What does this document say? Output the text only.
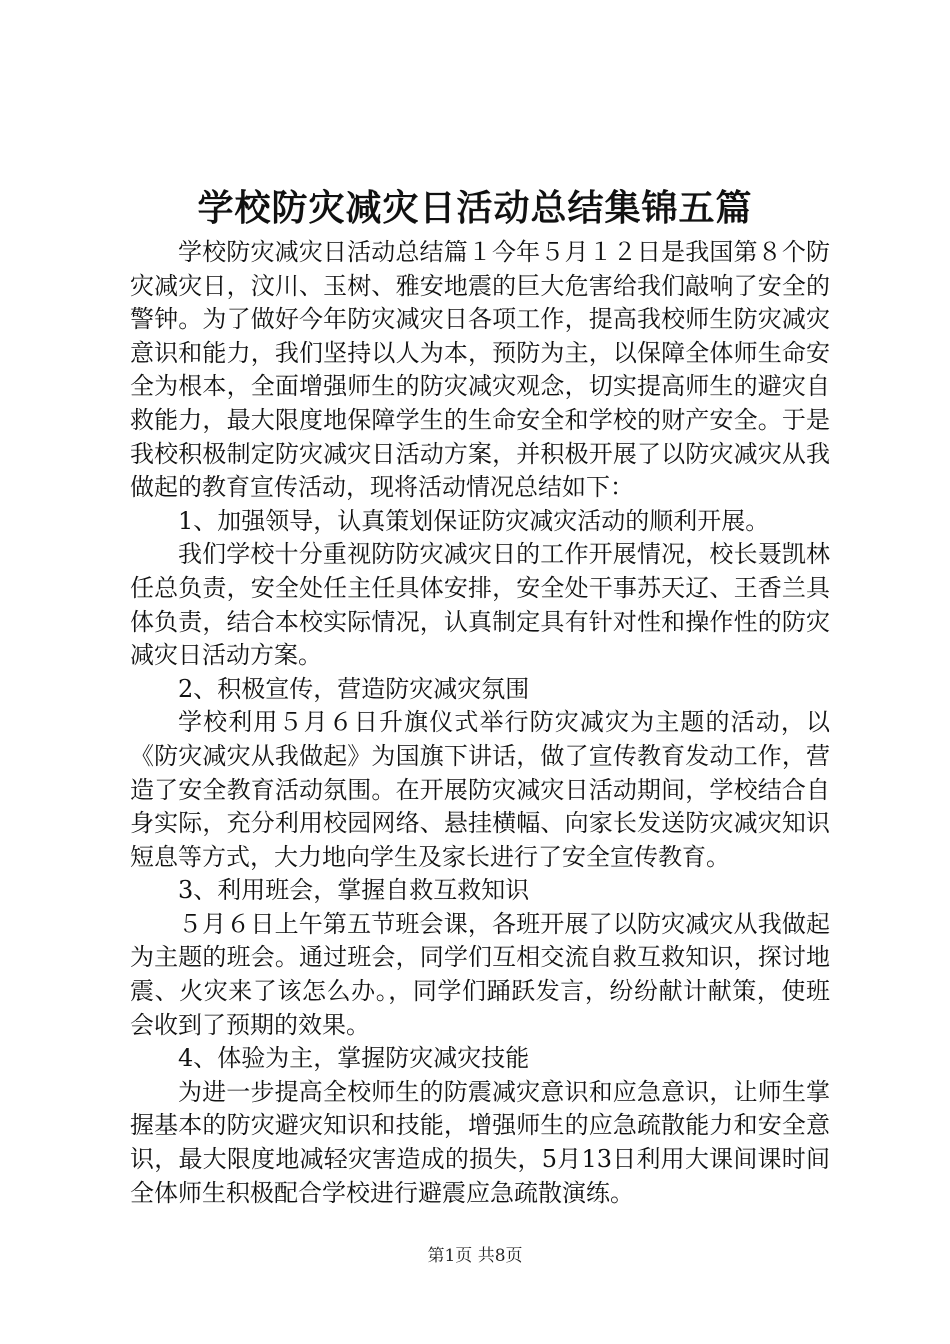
学校防灾减灾日活动总结集锦五篇

学校防灾减灾日活动总结篇１今年５月１２日是我国第８个防灾减灾日，汶川、玉树、雅安地震的巨大危害给我们敲响了安全的警钟。为了做好今年防灾减灾日各项工作，提高我校师生防灾减灾意识和能力，我们坚持以人为本，预防为主，以保障全体师生命安全为根本，全面增强师生的防灾减灾观念，切实提高师生的避灾自救能力，最大限度地保障学生的生命安全和学校的财产安全。于是我校积极制定防灾减灾日活动方案，并积极开展了以防灾减灾从我做起的教育宣传活动，现将活动情况总结如下：

1、加强领导，认真策划保证防灾减灾活动的顺利开展。

我们学校十分重视防防灾减灾日的工作开展情况，校长聂凯林任总负责，安全处任主任具体安排，安全处干事苏天辽、王香兰具体负责，结合本校实际情况，认真制定具有针对性和操作性的防灾减灾日活动方案。

2、积极宣传，营造防灾减灾氛围

学校利用５月６日升旗仪式举行防灾减灾为主题的活动，以《防灾减灾从我做起》为国旗下讲话，做了宣传教育发动工作，营造了安全教育活动氛围。在开展防灾减灾日活动期间，学校结合自身实际，充分利用校园网络、悬挂横幅、向家长发送防灾减灾知识短息等方式，大力地向学生及家长进行了安全宣传教育。

3、利用班会，掌握自救互救知识

５月６日上午第五节班会课，各班开展了以防灾减灾从我做起为主题的班会。通过班会，同学们互相交流自救互救知识，探讨地震、火灾来了该怎么办。，同学们踊跃发言，纷纷献计献策，使班会收到了预期的效果。

4、体验为主，掌握防灾减灾技能

为进一步提高全校师生的防震减灾意识和应急意识，让师生掌握基本的防灾避灾知识和技能，增强师生的应急疏散能力和安全意识，最大限度地减轻灾害造成的损失，5月13日利用大课间课时间全体师生积极配合学校进行避震应急疏散演练。

第1页 共8页
